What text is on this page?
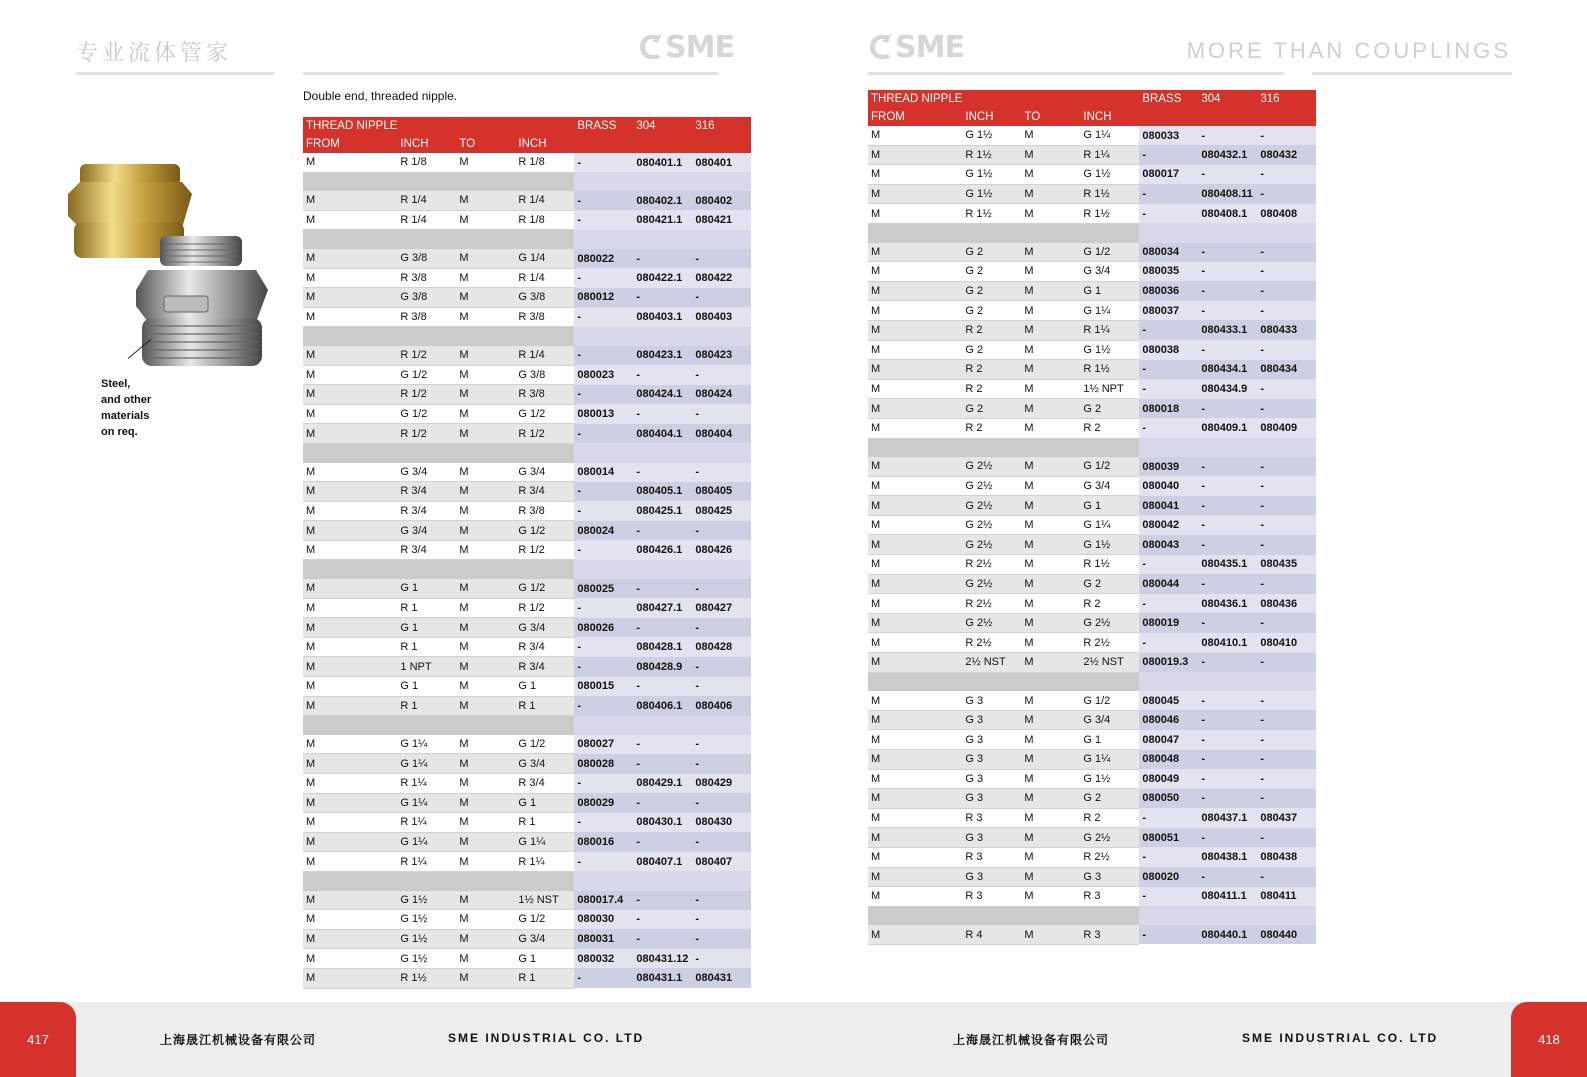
专业流体管家	SME	SME	MORE THAN COUPLINGS
Double end, threaded nipple.
Steel,
and other
materials
on req.
THREAD NIPPLE				BRASS	304	316
FROM	INCH	TO	INCH			
M	R 1/8	M	R 1/8	-	080401.1	080401

M	R 1/4	M	R 1/4	-	080402.1	080402
M	R 1/4	M	R 1/8	-	080421.1	080421

M	G 3/8	M	G 1/4	080022	-	-
M	R 3/8	M	R 1/4	-	080422.1	080422
M	G 3/8	M	G 3/8	080012	-	-
M	R 3/8	M	R 3/8	-	080403.1	080403

M	R 1/2	M	R 1/4	-	080423.1	080423
M	G 1/2	M	G 3/8	080023	-	-
M	R 1/2	M	R 3/8	-	080424.1	080424
M	G 1/2	M	G 1/2	080013	-	-
M	R 1/2	M	R 1/2	-	080404.1	080404

M	G 3/4	M	G 3/4	080014	-	-
M	R 3/4	M	R 3/4	-	080405.1	080405
M	R 3/4	M	R 3/8	-	080425.1	080425
M	G 3/4	M	G 1/2	080024	-	-
M	R 3/4	M	R 1/2	-	080426.1	080426

M	G 1	M	G 1/2	080025	-	-
M	R 1	M	R 1/2	-	080427.1	080427
M	G 1	M	G 3/4	080026	-	-
M	R 1	M	R 3/4	-	080428.1	080428
M	1 NPT	M	R 3/4	-	080428.9	-
M	G 1	M	G 1	080015	-	-
M	R 1	M	R 1	-	080406.1	080406

M	G 1¼	M	G 1/2	080027	-	-
M	G 1¼	M	G 3/4	080028	-	-
M	R 1¼	M	R 3/4	-	080429.1	080429
M	G 1¼	M	G 1	080029	-	-
M	R 1¼	M	R 1	-	080430.1	080430
M	G 1¼	M	G 1¼	080016	-	-
M	R 1¼	M	R 1¼	-	080407.1	080407

M	G 1½	M	1½ NST	080017.4	-	-
M	G 1½	M	G 1/2	080030	-	-
M	G 1½	M	G 3/4	080031	-	-
M	G 1½	M	G 1	080032	080431.12	-
M	R 1½	M	R 1	-	080431.1	080431
THREAD NIPPLE				BRASS	304	316
FROM	INCH	TO	INCH			
M	G 1½	M	G 1¼	080033	-	-
M	R 1½	M	R 1¼	-	080432.1	080432
M	G 1½	M	G 1½	080017	-	-
M	G 1½	M	R 1½	-	080408.11	-
M	R 1½	M	R 1½	-	080408.1	080408

M	G 2	M	G 1/2	080034	-	-
M	G 2	M	G 3/4	080035	-	-
M	G 2	M	G 1	080036	-	-
M	G 2	M	G 1¼	080037	-	-
M	R 2	M	R 1¼	-	080433.1	080433
M	G 2	M	G 1½	080038	-	-
M	R 2	M	R 1½	-	080434.1	080434
M	R 2	M	1½ NPT	-	080434.9	-
M	G 2	M	G 2	080018	-	-
M	R 2	M	R 2	-	080409.1	080409

M	G 2½	M	G 1/2	080039	-	-
M	G 2½	M	G 3/4	080040	-	-
M	G 2½	M	G 1	080041	-	-
M	G 2½	M	G 1¼	080042	-	-
M	G 2½	M	G 1½	080043	-	-
M	R 2½	M	R 1½	-	080435.1	080435
M	G 2½	M	G 2	080044	-	-
M	R 2½	M	R 2	-	080436.1	080436
M	G 2½	M	G 2½	080019	-	-
M	R 2½	M	R 2½	-	080410.1	080410
M	2½ NST	M	2½ NST	080019.3	-	-

M	G 3	M	G 1/2	080045	-	-
M	G 3	M	G 3/4	080046	-	-
M	G 3	M	G 1	080047	-	-
M	G 3	M	G 1¼	080048	-	-
M	G 3	M	G 1½	080049	-	-
M	G 3	M	G 2	080050	-	-
M	R 3	M	R 2	-	080437.1	080437
M	G 3	M	G 2½	080051	-	-
M	R 3	M	R 2½	-	080438.1	080438
M	G 3	M	G 3	080020	-	-
M	R 3	M	R 3	-	080411.1	080411

M	R 4	M	R 3	-	080440.1	080440
417	418
上海晟江机械设备有限公司	SME INDUSTRIAL CO. LTD	上海晟江机械设备有限公司	SME INDUSTRIAL CO. LTD
